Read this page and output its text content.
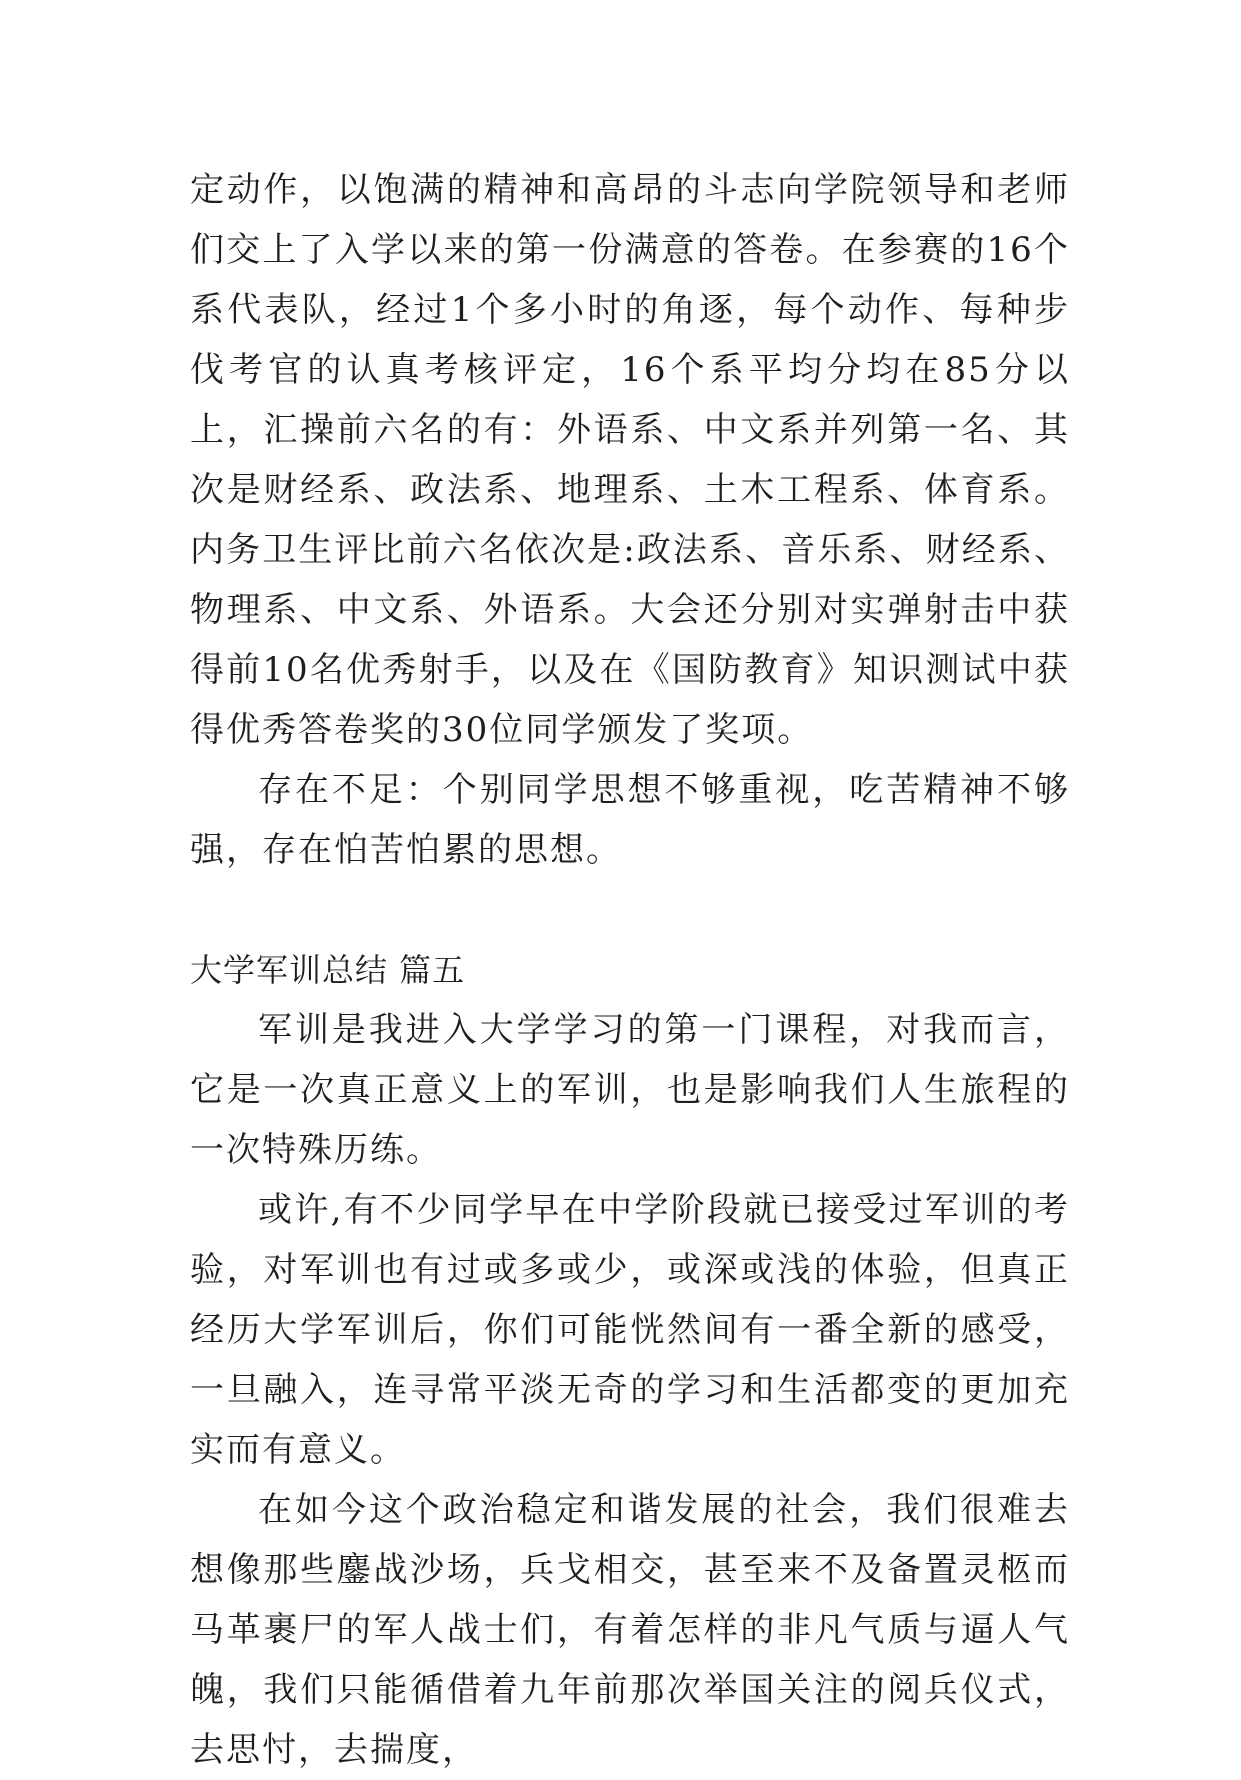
定动作，以饱满的精神和高昂的斗志向学院领导和老师们交上了入学以来的第一份满意的答卷。在参赛的16个系代表队，经过1个多小时的角逐，每个动作、每种步伐考官的认真考核评定，16个系平均分均在85分以上，汇操前六名的有：外语系、中文系并列第一名、其次是财经系、政法系、地理系、土木工程系、体育系。内务卫生评比前六名依次是:政法系、音乐系、财经系、物理系、中文系、外语系。大会还分别对实弹射击中获得前10名优秀射手，以及在《国防教育》知识测试中获得优秀答卷奖的30位同学颁发了奖项。

存在不足：个别同学思想不够重视，吃苦精神不够强，存在怕苦怕累的思想。

大学军训总结 篇五

军训是我进入大学学习的第一门课程，对我而言，它是一次真正意义上的军训，也是影响我们人生旅程的一次特殊历练。

或许,有不少同学早在中学阶段就已接受过军训的考验，对军训也有过或多或少，或深或浅的体验，但真正经历大学军训后，你们可能恍然间有一番全新的感受，一旦融入，连寻常平淡无奇的学习和生活都变的更加充实而有意义。

在如今这个政治稳定和谐发展的社会，我们很难去想像那些鏖战沙场，兵戈相交，甚至来不及备置灵柩而马革裹尸的军人战士们，有着怎样的非凡气质与逼人气魄，我们只能循借着九年前那次举国关注的阅兵仪式，去思忖，去揣度，
